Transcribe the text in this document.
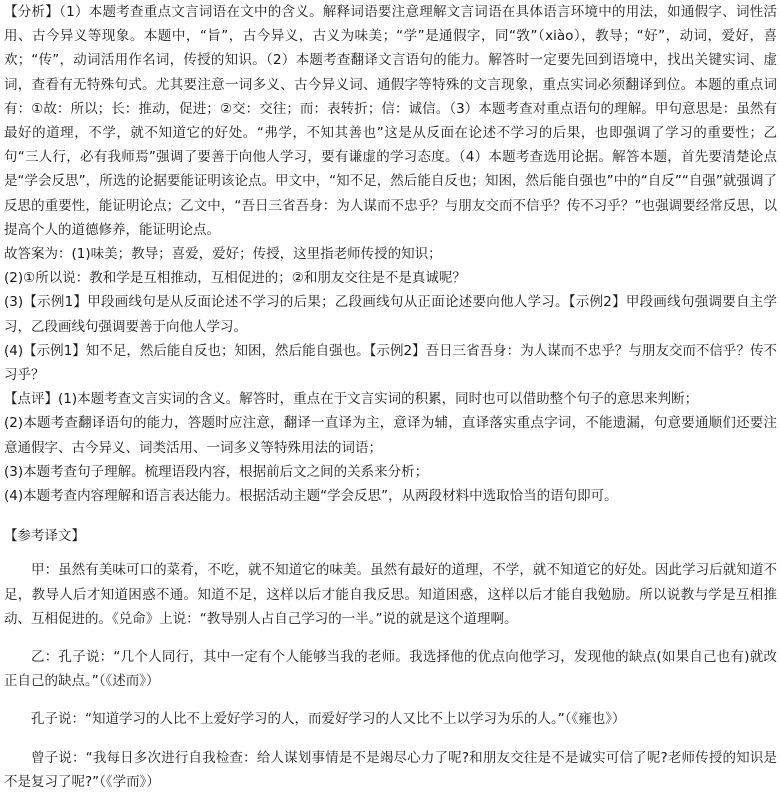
【分析】（1）本题考查重点文言词语在文中的含义。解释词语要注意理解文言词语在具体语言环境中的用法，如通假字、词性活用、古今异义等现象。本题中，“旨”，古今异义，古义为味美；“学”是通假字，同“敩”（xiào），教导；“好”，动词，爱好，喜欢；“传”，动词活用作名词，传授的知识。（2）本题考查翻译文言语句的能力。解答时一定要先回到语境中，找出关键实词、虚词，查看有无特殊句式。尤其要注意一词多义、古今异义词、通假字等特殊的文言现象，重点实词必须翻译到位。本题的重点词有：①故：所以；长：推动，促进；②交：交往；而：表转折；信：诚信。（3）本题考查对重点语句的理解。甲句意思是：虽然有最好的道理，不学，就不知道它的好处。“弗学，不知其善也”这是从反面在论述不学习的后果，也即强调了学习的重要性；乙句“三人行，必有我师焉”强调了要善于向他人学习，要有谦虚的学习态度。（4）本题考查选用论据。解答本题，首先要清楚论点是“学会反思”，所选的论据要能证明该论点。甲文中，“知不足，然后能自反也；知困，然后能自强也”中的“自反”“自强”就强调了反思的重要性，能证明论点；乙文中，“吾日三省吾身：为人谋而不忠乎？与朋友交而不信乎？传不习乎？”也强调要经常反思，以提高个人的道德修养，能证明论点。

故答案为：(1)味美；教导；喜爱，爱好；传授，这里指老师传授的知识；

(2)①所以说：教和学是互相推动，互相促进的；②和朋友交往是不是真诚呢？

(3)【示例1】甲段画线句是从反面论述不学习的后果；乙段画线句从正面论述要向他人学习。【示例2】甲段画线句强调要自主学习，乙段画线句强调要善于向他人学习。

(4)【示例1】知不足，然后能自反也；知困，然后能自强也。【示例2】吾日三省吾身：为人谋而不忠乎？与朋友交而不信乎？传不习乎？

【点评】(1)本题考查文言实词的含义。解答时，重点在于文言实词的积累，同时也可以借助整个句子的意思来判断；

(2)本题考查翻译语句的能力，答题时应注意，翻译一直译为主，意译为辅，直译落实重点字词，不能遗漏，句意要通顺们还要注意通假字、古今异义、词类活用、一词多义等特殊用法的词语；

(3)本题考查句子理解。梳理语段内容，根据前后文之间的关系来分析；

(4)本题考查内容理解和语言表达能力。根据活动主题“学会反思”，从两段材料中选取恰当的语句即可。

【参考译文】

甲：虽然有美味可口的菜肴，不吃，就不知道它的味美。虽然有最好的道理，不学，就不知道它的好处。因此学习后就知道不足，教导人后才知道困惑不通。知道不足，这样以后才能自我反思。知道困惑，这样以后才能自我勉励。所以说教与学是互相推动、互相促进的。《兑命》上说：“教导别人占自己学习的一半。”说的就是这个道理啊。

乙：孔子说：“几个人同行，其中一定有个人能够当我的老师。我选择他的优点向他学习，发现他的缺点(如果自己也有)就改正自己的缺点。”（《述而》）

孔子说：“知道学习的人比不上爱好学习的人，而爱好学习的人又比不上以学习为乐的人。”（《雍也》）

曾子说：“我每日多次进行自我检查：给人谋划事情是不是竭尽心力了呢?和朋友交往是不是诚实可信了呢?老师传授的知识是不是复习了呢?”（《学而》）
